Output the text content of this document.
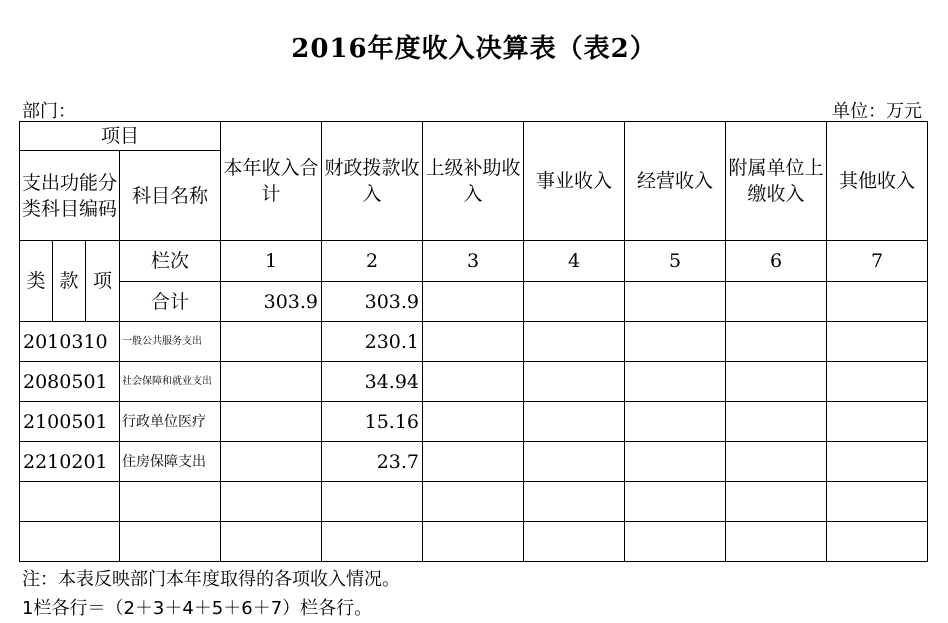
2016年度收入决算表（表2）
部门：	单位：万元
项目				本年收入合计	财政拨款收入	上级补助收入	事业收入	经营收入	附属单位上缴收入	其他收入
支出功能分类科目编码			科目名称							
类	款	项	栏次	1	2	3	4	5	6	7
			合计	303.9	303.9					
2010310			一般公共服务支出		230.1					
2080501			社会保障和就业支出		34.94					
2100501			行政单位医疗		15.16					
2210201			住房保障支出		23.7					

注：本表反映部门本年度取得的各项收入情况。
1栏各行＝（2＋3＋4＋5＋6＋7）栏各行。
